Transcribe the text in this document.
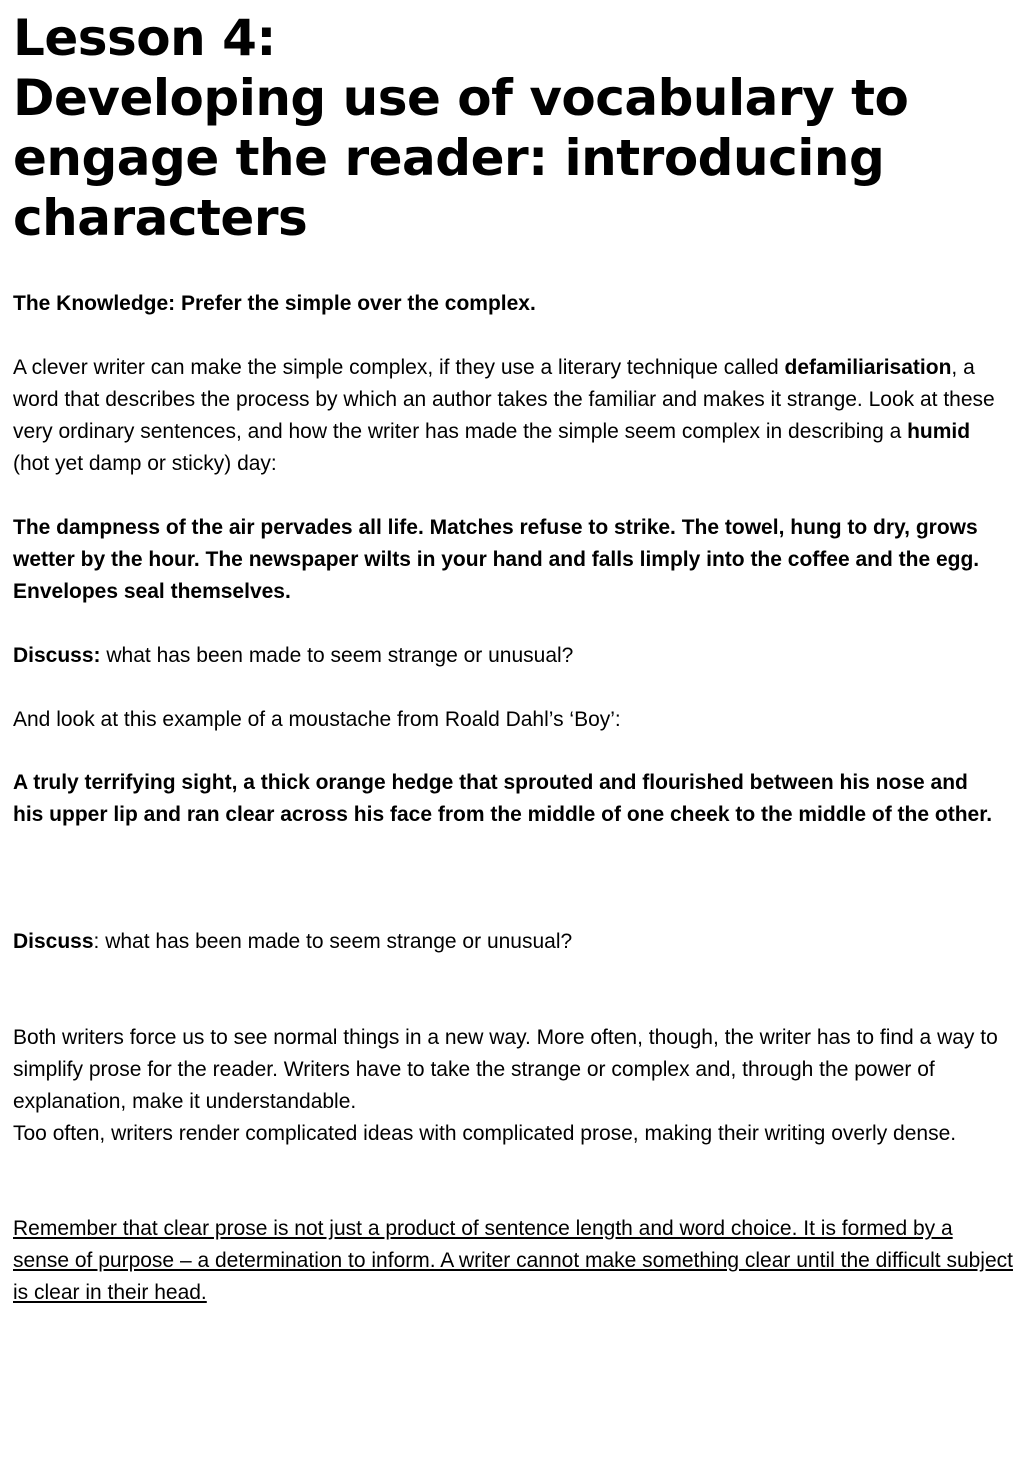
Lesson 4:
Developing use of vocabulary to
engage the reader: introducing
characters

The Knowledge: Prefer the simple over the complex.

A clever writer can make the simple complex, if they use a literary technique called defamiliarisation, a word that describes the process by which an author takes the familiar and makes it strange. Look at these very ordinary sentences, and how the writer has made the simple seem complex in describing a humid (hot yet damp or sticky) day:

The dampness of the air pervades all life. Matches refuse to strike. The towel, hung to dry, grows wetter by the hour. The newspaper wilts in your hand and falls limply into the coffee and the egg. Envelopes seal themselves.

Discuss: what has been made to seem strange or unusual?

And look at this example of a moustache from Roald Dahl’s ‘Boy’:

A truly terrifying sight, a thick orange hedge that sprouted and flourished between his nose and his upper lip and ran clear across his face from the middle of one cheek to the middle of the other.

Discuss: what has been made to seem strange or unusual?

Both writers force us to see normal things in a new way. More often, though, the writer has to find a way to simplify prose for the reader. Writers have to take the strange or complex and, through the power of explanation, make it understandable.
Too often, writers render complicated ideas with complicated prose, making their writing overly dense.

Remember that clear prose is not just a product of sentence length and word choice. It is formed by a sense of purpose – a determination to inform. A writer cannot make something clear until the difficult subject is clear in their head.
